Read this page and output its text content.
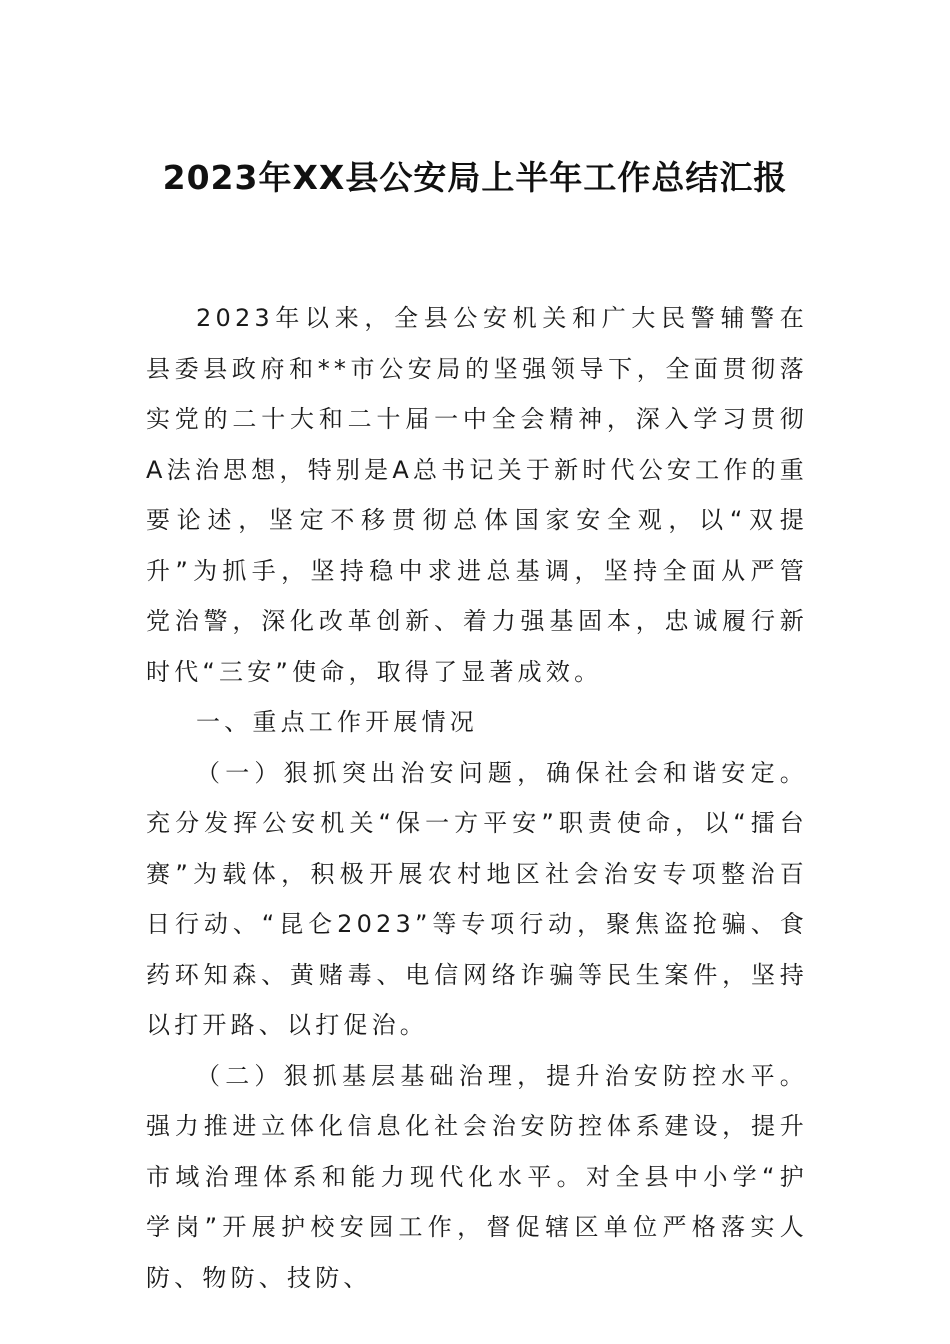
2023年XX县公安局上半年工作总结汇报

2023年以来，全县公安机关和广大民警辅警在县委县政府和**市公安局的坚强领导下，全面贯彻落实党的二十大和二十届一中全会精神，深入学习贯彻A法治思想，特别是A总书记关于新时代公安工作的重要论述，坚定不移贯彻总体国家安全观，以“双提升”为抓手，坚持稳中求进总基调，坚持全面从严管党治警，深化改革创新、着力强基固本，忠诚履行新时代“三安”使命，取得了显著成效。

一、重点工作开展情况

（一）狠抓突出治安问题，确保社会和谐安定。充分发挥公安机关“保一方平安”职责使命，以“擂台赛”为载体，积极开展农村地区社会治安专项整治百日行动、“昆仑2023”等专项行动，聚焦盗抢骗、食药环知森、黄赌毒、电信网络诈骗等民生案件，坚持以打开路、以打促治。

（二）狠抓基层基础治理，提升治安防控水平。强力推进立体化信息化社会治安防控体系建设，提升市域治理体系和能力现代化水平。对全县中小学“护学岗”开展护校安园工作，督促辖区单位严格落实人防、物防、技防、
